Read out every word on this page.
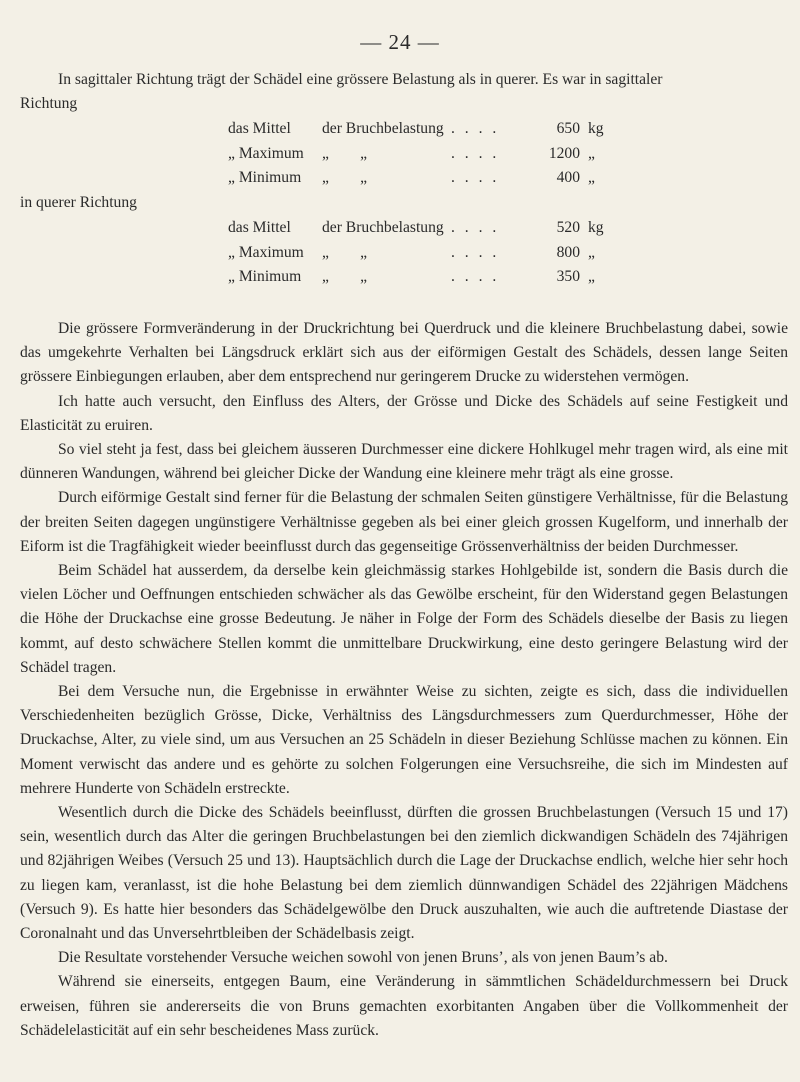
— 24 —

In sagittaler Richtung trägt der Schädel eine grössere Belastung als in querer. Es war in sagittaler

Richtung

das Mittel der Bruchbelastung . . . .	650 kg
„ Maximum „        „	. . . .	1200 „
„ Minimum „        „	. . . .	400 „
in querer Richtung
das Mittel der Bruchbelastung . . . .	520 kg
„ Maximum „        „	. . . .	800 „
„ Minimum „        „	. . . .	350 „

Die grössere Formveränderung in der Druckrichtung bei Querdruck und die kleinere Bruchbelastung dabei, sowie das umgekehrte Verhalten bei Längsdruck erklärt sich aus der eiförmigen Gestalt des Schädels, dessen lange Seiten grössere Einbiegungen erlauben, aber dem entsprechend nur geringerem Drucke zu widerstehen vermögen.

Ich hatte auch versucht, den Einfluss des Alters, der Grösse und Dicke des Schädels auf seine Festigkeit und Elasticität zu eruiren.

So viel steht ja fest, dass bei gleichem äusseren Durchmesser eine dickere Hohlkugel mehr tragen wird, als eine mit dünneren Wandungen, während bei gleicher Dicke der Wandung eine kleinere mehr trägt als eine grosse.

Durch eiförmige Gestalt sind ferner für die Belastung der schmalen Seiten günstigere Verhältnisse, für die Belastung der breiten Seiten dagegen ungünstigere Verhältnisse gegeben als bei einer gleich grossen Kugelform, und innerhalb der Eiform ist die Tragfähigkeit wieder beeinflusst durch das gegenseitige Grössenverhältniss der beiden Durchmesser.

Beim Schädel hat ausserdem, da derselbe kein gleichmässig starkes Hohlgebilde ist, sondern die Basis durch die vielen Löcher und Oeffnungen entschieden schwächer als das Gewölbe erscheint, für den Widerstand gegen Belastungen die Höhe der Druckachse eine grosse Bedeutung. Je näher in Folge der Form des Schädels dieselbe der Basis zu liegen kommt, auf desto schwächere Stellen kommt die unmittelbare Druckwirkung, eine desto geringere Belastung wird der Schädel tragen.

Bei dem Versuche nun, die Ergebnisse in erwähnter Weise zu sichten, zeigte es sich, dass die individuellen Verschiedenheiten bezüglich Grösse, Dicke, Verhältniss des Längsdurchmessers zum Querdurchmesser, Höhe der Druckachse, Alter, zu viele sind, um aus Versuchen an 25 Schädeln in dieser Beziehung Schlüsse machen zu können. Ein Moment verwischt das andere und es gehörte zu solchen Folgerungen eine Versuchsreihe, die sich im Mindesten auf mehrere Hunderte von Schädeln erstreckte.

Wesentlich durch die Dicke des Schädels beeinflusst, dürften die grossen Bruchbelastungen (Versuch 15 und 17) sein, wesentlich durch das Alter die geringen Bruchbelastungen bei den ziemlich dickwandigen Schädeln des 74jährigen und 82jährigen Weibes (Versuch 25 und 13). Hauptsächlich durch die Lage der Druckachse endlich, welche hier sehr hoch zu liegen kam, veranlasst, ist die hohe Belastung bei dem ziemlich dünnwandigen Schädel des 22jährigen Mädchens (Versuch 9). Es hatte hier besonders das Schädelgewölbe den Druck auszuhalten, wie auch die auftretende Diastase der Coronalnaht und das Unversehrtbleiben der Schädelbasis zeigt.

Die Resultate vorstehender Versuche weichen sowohl von jenen Bruns’, als von jenen Baum’s ab.

Während sie einerseits, entgegen Baum, eine Veränderung in sämmtlichen Schädeldurchmessern bei Druck erweisen, führen sie andererseits die von Bruns gemachten exorbitanten Angaben über die Vollkommenheit der Schädelelasticität auf ein sehr bescheidenes Mass zurück.
